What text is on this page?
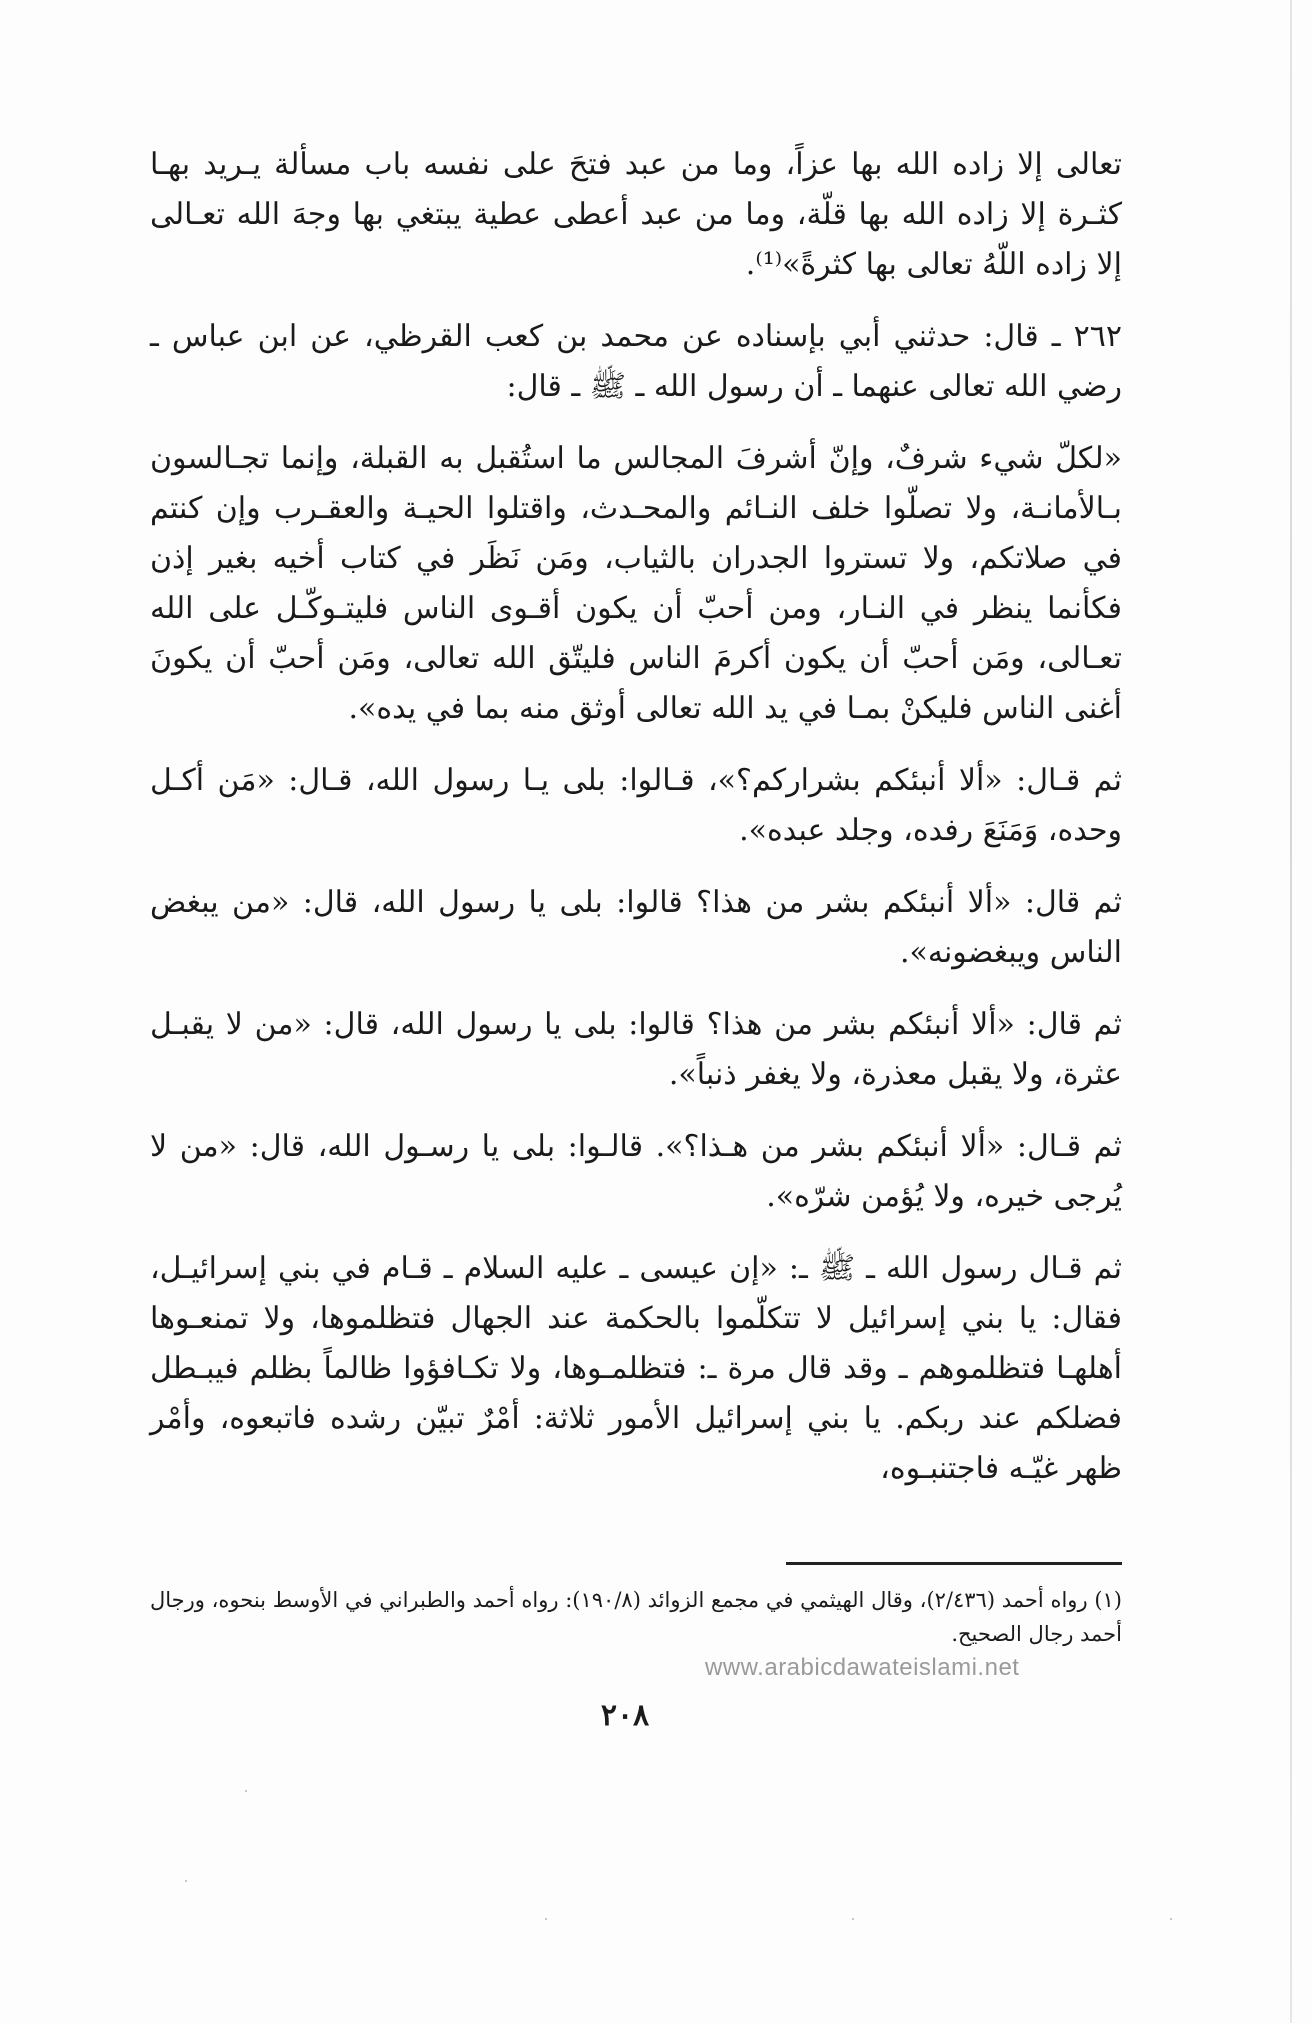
تعالى إلا زاده الله بها عزاً، وما من عبد فتحَ على نفسه باب مسألة يـريد بهـا كثـرة إلا زاده الله بها قلّة، وما من عبد أعطى عطية يبتغي بها وجهَ الله تعـالى إلا زاده اللّهُ تعالى بها كثرةً»⁽¹⁾.

٢٦٢ ـ قال: حدثني أبي بإسناده عن محمد بن كعب القرظي، عن ابن عباس ـ رضي الله تعالى عنهما ـ أن رسول الله ـ ﷺ ـ قال:

«لكلّ شيء شرفٌ، وإنّ أشرفَ المجالس ما استُقبل به القبلة، وإنما تجـالسون بـالأمانـة، ولا تصلّوا خلف النـائم والمحـدث، واقتلوا الحيـة والعقـرب وإن كنتم في صلاتكم، ولا تستروا الجدران بالثياب، ومَن نَظَر في كتاب أخيه بغير إذن فكأنما ينظر في النـار، ومن أحبّ أن يكون أقـوى الناس فليتـوكّـل على الله تعـالى، ومَن أحبّ أن يكون أكرمَ الناس فليتّق الله تعالى، ومَن أحبّ أن يكونَ أغنى الناس فليكنْ بمـا في يد الله تعالى أوثق منه بما في يده».

ثم قـال: «ألا أنبئكم بشراركم؟»، قـالوا: بلى يـا رسول الله، قـال: «مَن أكـل وحده، وَمَنَعَ رفده، وجلد عبده».

ثم قال: «ألا أنبئكم بشر من هذا؟ قالوا: بلى يا رسول الله، قال: «من يبغض الناس ويبغضونه».

ثم قال: «ألا أنبئكم بشر من هذا؟ قالوا: بلى يا رسول الله، قال: «من لا يقبـل عثرة، ولا يقبل معذرة، ولا يغفر ذنباً».

ثم قـال: «ألا أنبئكم بشر من هـذا؟». قالـوا: بلى يا رسـول الله، قال: «من لا يُرجى خيره، ولا يُؤمن شرّه».

ثم قـال رسول الله ـ ﷺ ـ: «إن عيسى ـ عليه السلام ـ قـام في بني إسرائيـل، فقال: يا بني إسرائيل لا تتكلّموا بالحكمة عند الجهال فتظلموها، ولا تمنعـوها أهلهـا فتظلموهم ـ وقد قال مرة ـ: فتظلمـوها، ولا تكـافؤوا ظالماً بظلم فيبـطل فضلكم عند ربكم. يا بني إسرائيل الأمور ثلاثة: أمْرٌ تبيّن رشده فاتبعوه، وأمْر ظهر غيّـه فاجتنبـوه،

(١) رواه أحمد (٢/٤٣٦)، وقال الهيثمي في مجمع الزوائد (١٩٠/٨): رواه أحمد والطبراني في الأوسط بنحوه، ورجال أحمد رجال الصحيح.

www.arabicdawateislami.net
٢٠٨
